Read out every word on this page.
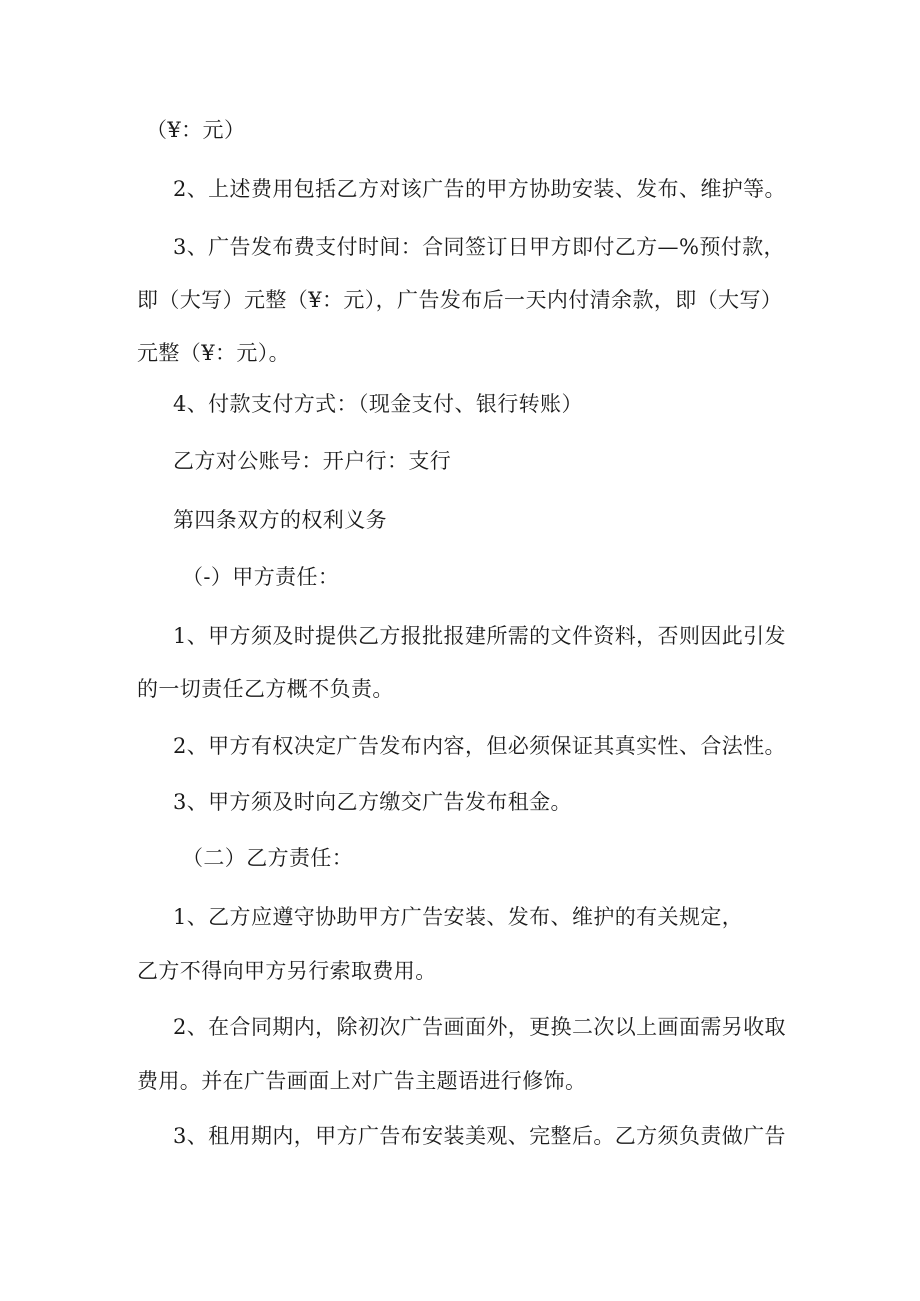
（¥：元）
2、上述费用包括乙方对该广告的甲方协助安装、发布、维护等。
3、广告发布费支付时间：合同签订日甲方即付乙方—%预付款，
即（大写）元整（¥：元），广告发布后一天内付清余款，即（大写）
元整（¥：元）。
4、付款支付方式：（现金支付、银行转账）
乙方对公账号：开户行：支行
第四条双方的权利义务
（-）甲方责任：
1、甲方须及时提供乙方报批报建所需的文件资料，否则因此引发
的一切责任乙方概不负责。
2、甲方有权决定广告发布内容，但必须保证其真实性、合法性。
3、甲方须及时向乙方缴交广告发布租金。
（二）乙方责任：
1、乙方应遵守协助甲方广告安装、发布、维护的有关规定，
乙方不得向甲方另行索取费用。
2、在合同期内，除初次广告画面外，更换二次以上画面需另收取
费用。并在广告画面上对广告主题语进行修饰。
3、租用期内，甲方广告布安装美观、完整后。乙方须负责做广告
